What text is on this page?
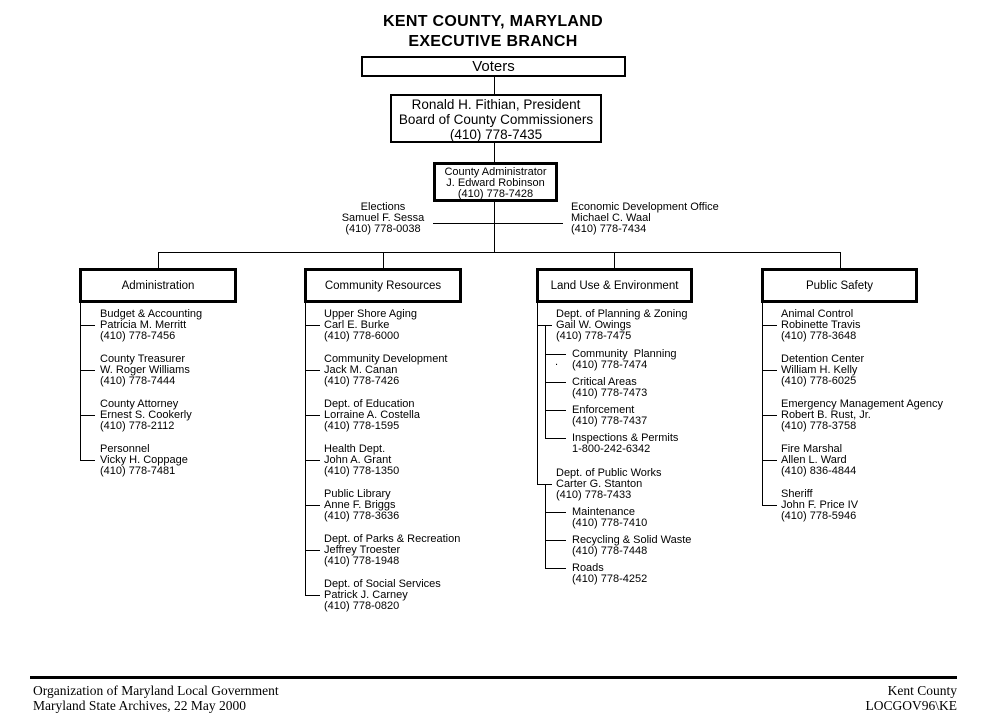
KENT COUNTY, MARYLAND
EXECUTIVE BRANCH
Voters
Ronald H. Fithian, President
Board of County Commissioners
(410) 778-7435
County Administrator
J. Edward Robinson
(410) 778-7428
Elections
Samuel F. Sessa
(410) 778-0038
Economic Development Office
Michael C. Waal
(410) 778-7434
Administration	Community Resources	Land Use & Environment	Public Safety
Budget & Accounting
Patricia M. Merritt
(410) 778-7456
County Treasurer
W. Roger Williams
(410) 778-7444
County Attorney
Ernest S. Cookerly
(410) 778-2112
Personnel
Vicky H. Coppage
(410) 778-7481
Upper Shore Aging
Carl E. Burke
(410) 778-6000
Community Development
Jack M. Canan
(410) 778-7426
Dept. of Education
Lorraine A. Costella
(410) 778-1595
Health Dept.
John A. Grant
(410) 778-1350
Public Library
Anne F. Briggs
(410) 778-3636
Dept. of Parks & Recreation
Jeffrey Troester
(410) 778-1948
Dept. of Social Services
Patrick J. Carney
(410) 778-0820
Dept. of Planning & Zoning
Gail W. Owings
(410) 778-7475
Community  Planning
(410) 778-7474
Critical Areas
(410) 778-7473
Enforcement
(410) 778-7437
Inspections & Permits
1-800-242-6342
Dept. of Public Works
Carter G. Stanton
(410) 778-7433
Maintenance
(410) 778-7410
Recycling & Solid Waste
(410) 778-7448
Roads
(410) 778-4252
.
Animal Control
Robinette Travis
(410) 778-3648
Detention Center
William H. Kelly
(410) 778-6025
Emergency Management Agency
Robert B. Rust, Jr.
(410) 778-3758
Fire Marshal
Allen L. Ward
(410) 836-4844
Sheriff
John F. Price IV
(410) 778-5946
Organization of Maryland Local Government
Maryland State Archives, 22 May 2000
Kent County
LOCGOV96\KE
